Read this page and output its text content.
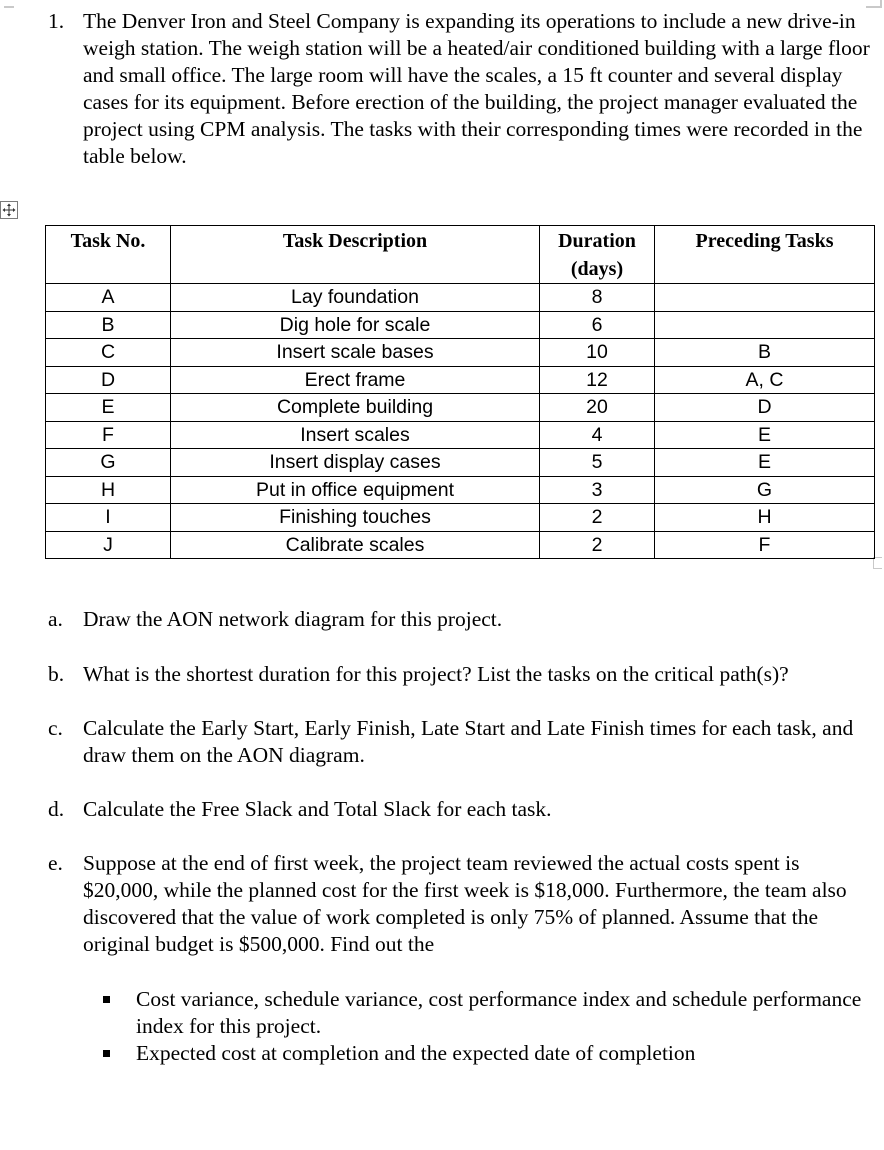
1. The Denver Iron and Steel Company is expanding its operations to include a new drive-in weigh station. The weigh station will be a heated/air conditioned building with a large floor and small office. The large room will have the scales, a 15 ft counter and several display cases for its equipment. Before erection of the building, the project manager evaluated the project using CPM analysis. The tasks with their corresponding times were recorded in the table below.
Task No.	Task Description	Duration (days)	Preceding Tasks
A	Lay foundation	8	
B	Dig hole for scale	6	
C	Insert scale bases	10	B
D	Erect frame	12	A, C
E	Complete building	20	D
F	Insert scales	4	E
G	Insert display cases	5	E
H	Put in office equipment	3	G
I	Finishing touches	2	H
J	Calibrate scales	2	F
a. Draw the AON network diagram for this project.
b. What is the shortest duration for this project? List the tasks on the critical path(s)?
c. Calculate the Early Start, Early Finish, Late Start and Late Finish times for each task, and draw them on the AON diagram.
d. Calculate the Free Slack and Total Slack for each task.
e. Suppose at the end of first week, the project team reviewed the actual costs spent is $20,000, while the planned cost for the first week is $18,000. Furthermore, the team also discovered that the value of work completed is only 75% of planned. Assume that the original budget is $500,000. Find out the
Cost variance, schedule variance, cost performance index and schedule performance index for this project.
Expected cost at completion and the expected date of completion
